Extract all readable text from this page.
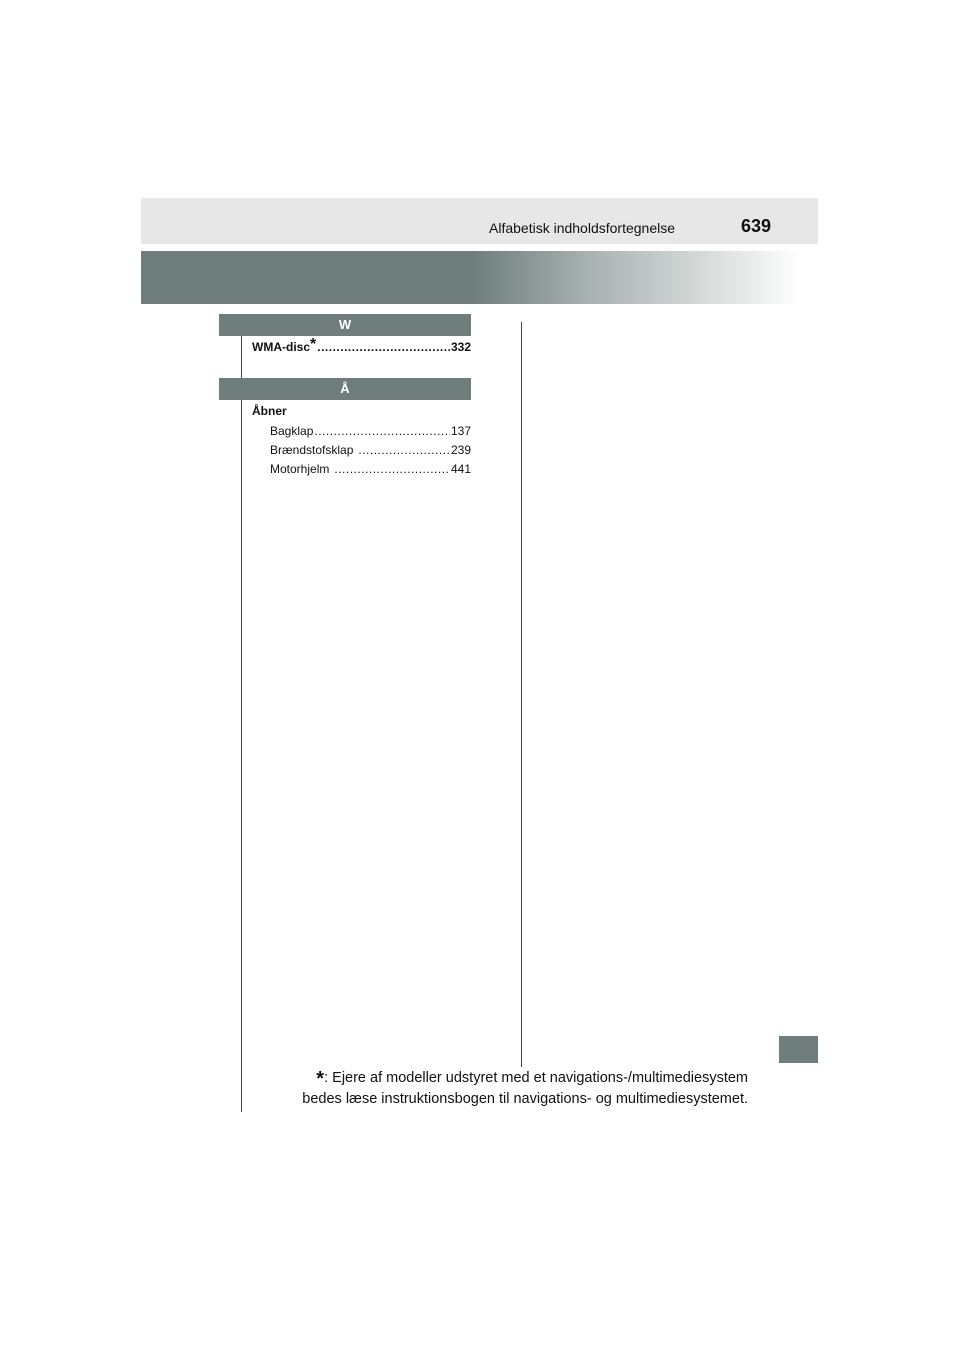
Alfabetisk indholdsfortegnelse	639
W
WMA-disc* .....	332
Å
Åbner
Bagklap .....	137
Brændstofsklap .....	239
Motorhjelm .....	441
*: Ejere af modeller udstyret med et navigations-/multimediesystem
bedes læse instruktionsbogen til navigations- og multimediesystemet.
